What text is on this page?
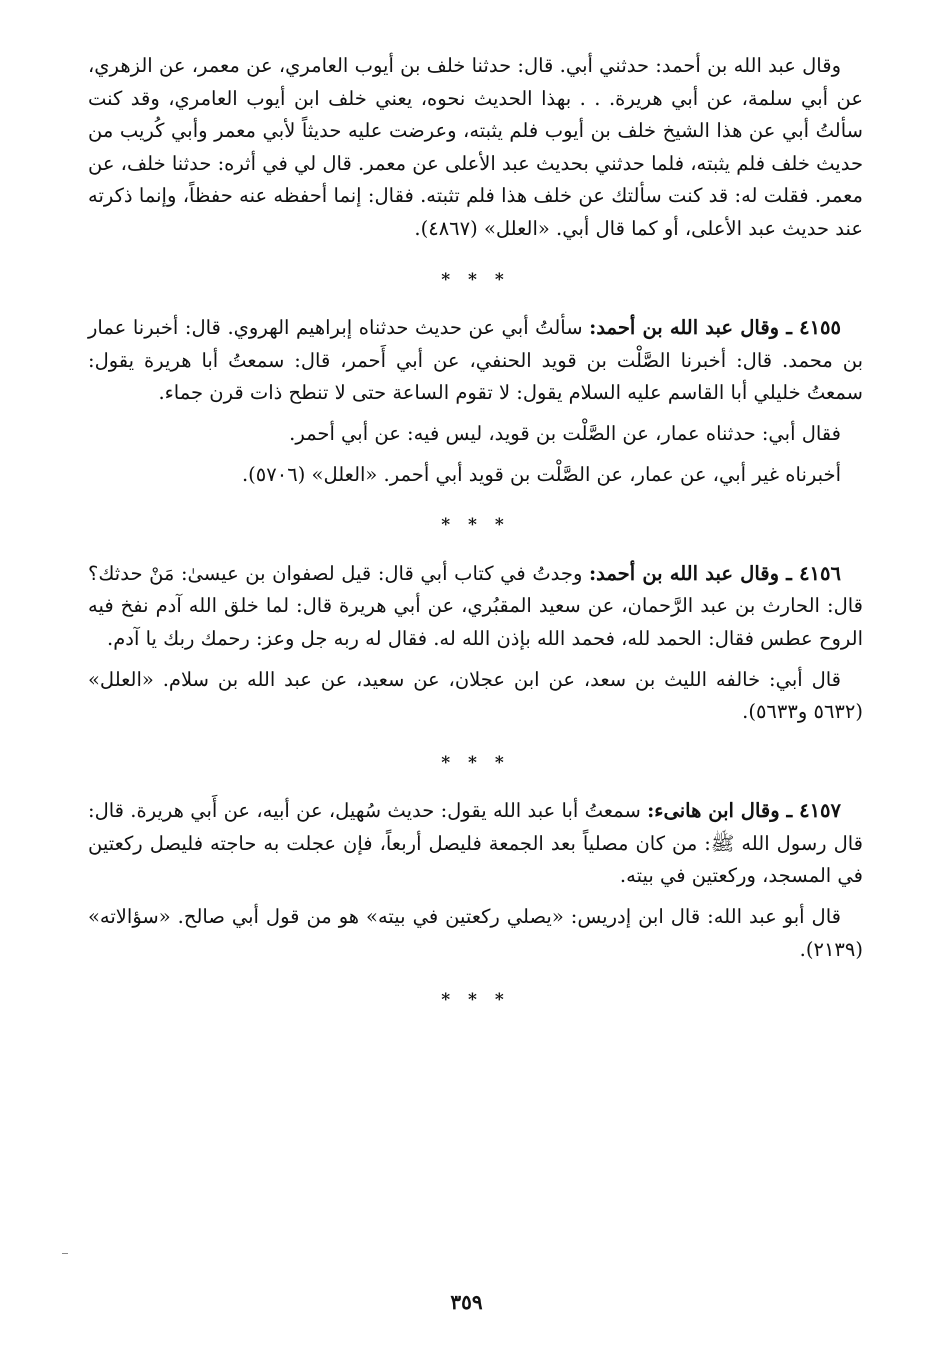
وقال عبد الله بن أحمد: حدثني أبي. قال: حدثنا خلف بن أيوب العامري، عن معمر، عن الزهري، عن أبي سلمة، عن أبي هريرة. . . بهذا الحديث نحوه، يعني خلف ابن أيوب العامري، وقد كنت سألتُ أبي عن هذا الشيخ خلف بن أيوب فلم يثبته، وعرضت عليه حديثاً لأبي معمر وأبي كُريب من حديث خلف فلم يثبته، فلما حدثني بحديث عبد الأعلى عن معمر. قال لي في أثره: حدثنا خلف، عن معمر. فقلت له: قد كنت سألتك عن خلف هذا فلم تثبته. فقال: إنما أحفظه عنه حفظاً، وإنما ذكرته عند حديث عبد الأعلى، أو كما قال أبي. «العلل» (٤٨٦٧).

* * *

٤١٥٥ ـ وقال عبد الله بن أحمد: سألتُ أبي عن حديث حدثناه إبراهيم الهروي. قال: أخبرنا عمار بن محمد. قال: أخبرنا الصَّلْت بن قويد الحنفي، عن أبي أَحمر، قال: سمعتُ أبا هريرة يقول: سمعتُ خليلي أبا القاسم عليه السلام يقول: لا تقوم الساعة حتى لا تنطح ذات قرن جماء.

فقال أبي: حدثناه عمار، عن الصَّلْت بن قويد، ليس فيه: عن أبي أحمر.

أخبرناه غير أبي، عن عمار، عن الصَّلْت بن قويد أبي أحمر. «العلل» (٥٧٠٦).

* * *

٤١٥٦ ـ وقال عبد الله بن أحمد: وجدتُ في كتاب أبي قال: قيل لصفوان بن عيسىٰ: مَنْ حدثك؟ قال: الحارث بن عبد الرَّحمان، عن سعيد المقبُري، عن أبي هريرة قال: لما خلق الله آدم نفخ فيه الروح عطس فقال: الحمد لله، فحمد الله بإذن الله له. فقال له ربه جل وعز: رحمك ربك يا آدم.

قال أبي: خالفه الليث بن سعد، عن ابن عجلان، عن سعيد، عن عبد الله بن سلام. «العلل» (٥٦٣٢ و٥٦٣٣).

* * *

٤١٥٧ ـ وقال ابن هانىء: سمعتُ أبا عبد الله يقول: حديث سُهيل، عن أبيه، عن أَبي هريرة. قال: قال رسول الله ﷺ: من كان مصلياً بعد الجمعة فليصل أربعاً، فإن عجلت به حاجته فليصل ركعتين في المسجد، وركعتين في بيته.

قال أبو عبد الله: قال ابن إدريس: «يصلي ركعتين في بيته» هو من قول أبي صالح. «سؤالاته» (٢١٣٩).

* * *
٣٥٩
